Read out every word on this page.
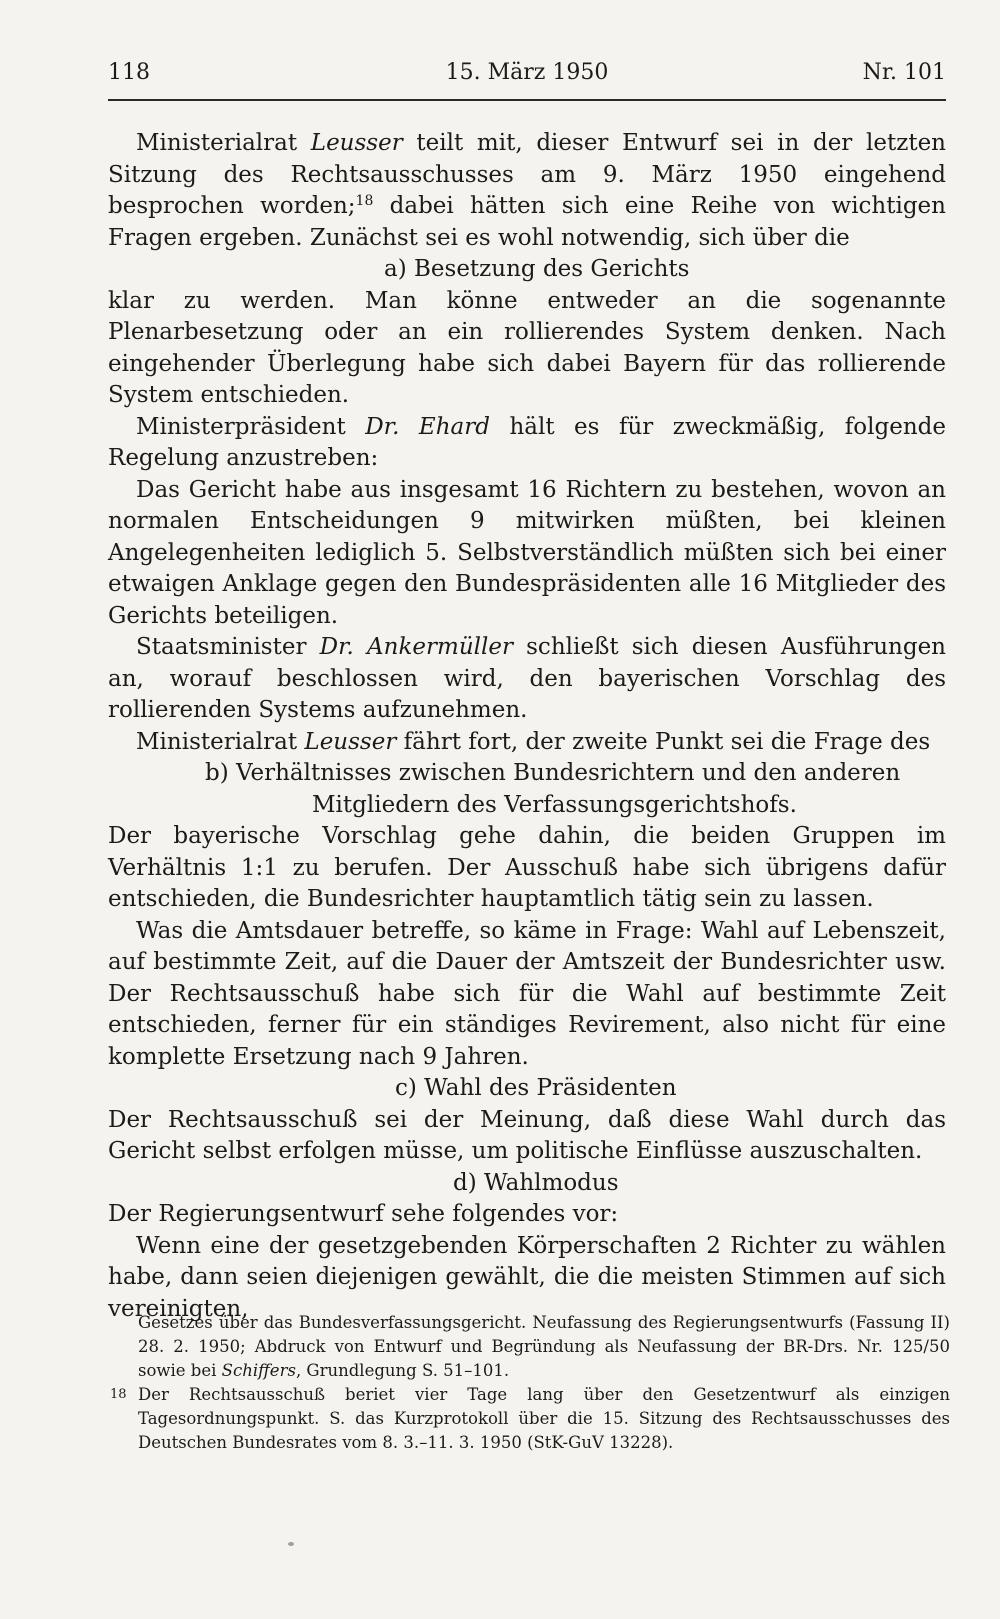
118	15. März 1950	Nr. 101

Ministerialrat Leusser teilt mit, dieser Entwurf sei in der letzten Sitzung des Rechtsausschusses am 9. März 1950 eingehend besprochen worden;$^{18}$ dabei hätten sich eine Reihe von wichtigen Fragen ergeben. Zunächst sei es wohl notwendig, sich über die

a) Besetzung des Gerichts

klar zu werden. Man könne entweder an die sogenannte Plenarbesetzung oder an ein rollierendes System denken. Nach eingehender Überlegung habe sich dabei Bayern für das rollierende System entschieden.

Ministerpräsident Dr. Ehard hält es für zweckmäßig, folgende Regelung anzustreben:

Das Gericht habe aus insgesamt 16 Richtern zu bestehen, wovon an normalen Entscheidungen 9 mitwirken müßten, bei kleinen Angelegenheiten lediglich 5. Selbstverständlich müßten sich bei einer etwaigen Anklage gegen den Bundespräsidenten alle 16 Mitglieder des Gerichts beteiligen.

Staatsminister Dr. Ankermüller schließt sich diesen Ausführungen an, worauf beschlossen wird, den bayerischen Vorschlag des rollierenden Systems aufzunehmen.

Ministerialrat Leusser fährt fort, der zweite Punkt sei die Frage des

b) Verhältnisses zwischen Bundesrichtern und den anderen

Mitgliedern des Verfassungsgerichtshofs.

Der bayerische Vorschlag gehe dahin, die beiden Gruppen im Verhältnis 1:1 zu berufen. Der Ausschuß habe sich übrigens dafür entschieden, die Bundesrichter hauptamtlich tätig sein zu lassen.

Was die Amtsdauer betreffe, so käme in Frage: Wahl auf Lebenszeit, auf bestimmte Zeit, auf die Dauer der Amtszeit der Bundesrichter usw. Der Rechtsausschuß habe sich für die Wahl auf bestimmte Zeit entschieden, ferner für ein ständiges Revirement, also nicht für eine komplette Ersetzung nach 9 Jahren.

c) Wahl des Präsidenten

Der Rechtsausschuß sei der Meinung, daß diese Wahl durch das Gericht selbst erfolgen müsse, um politische Einflüsse auszuschalten.

d) Wahlmodus

Der Regierungsentwurf sehe folgendes vor:

Wenn eine der gesetzgebenden Körperschaften 2 Richter zu wählen habe, dann seien diejenigen gewählt, die die meisten Stimmen auf sich vereinigten,

Gesetzes über das Bundesverfassungsgericht. Neufassung des Regierungsentwurfs (Fassung II) 28. 2. 1950; Abdruck von Entwurf und Begründung als Neufassung der BR-Drs. Nr. 125/50 sowie bei Schiffers, Grundlegung S. 51–101.

18 Der Rechtsausschuß beriet vier Tage lang über den Gesetzentwurf als einzigen Tagesordnungspunkt. S. das Kurzprotokoll über die 15. Sitzung des Rechtsausschusses des Deutschen Bundesrates vom 8. 3.–11. 3. 1950 (StK-GuV 13228).
